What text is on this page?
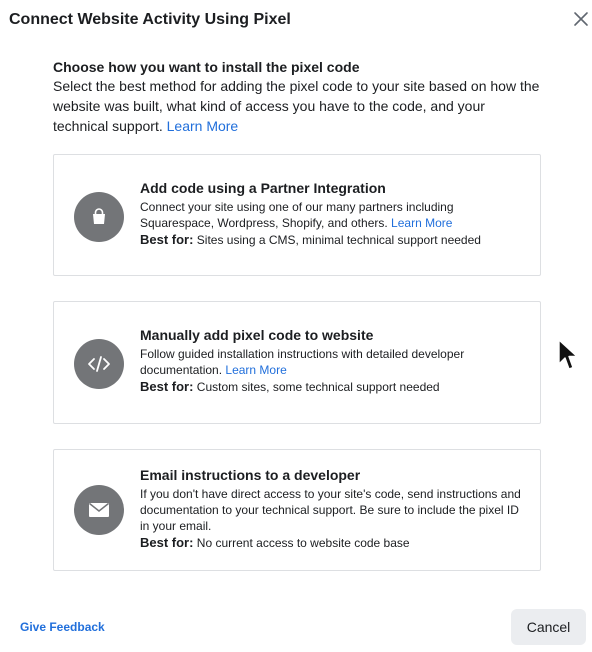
Connect Website Activity Using Pixel
Choose how you want to install the pixel code
Select the best method for adding the pixel code to your site based on how the website was built, what kind of access you have to the code, and your technical support. Learn More
Add code using a Partner Integration
Connect your site using one of our many partners including Squarespace, Wordpress, Shopify, and others. Learn More
Best for: Sites using a CMS, minimal technical support needed
Manually add pixel code to website
Follow guided installation instructions with detailed developer documentation. Learn More
Best for: Custom sites, some technical support needed
Email instructions to a developer
If you don't have direct access to your site's code, send instructions and documentation to your technical support. Be sure to include the pixel ID in your email.
Best for: No current access to website code base
Give Feedback	Cancel
